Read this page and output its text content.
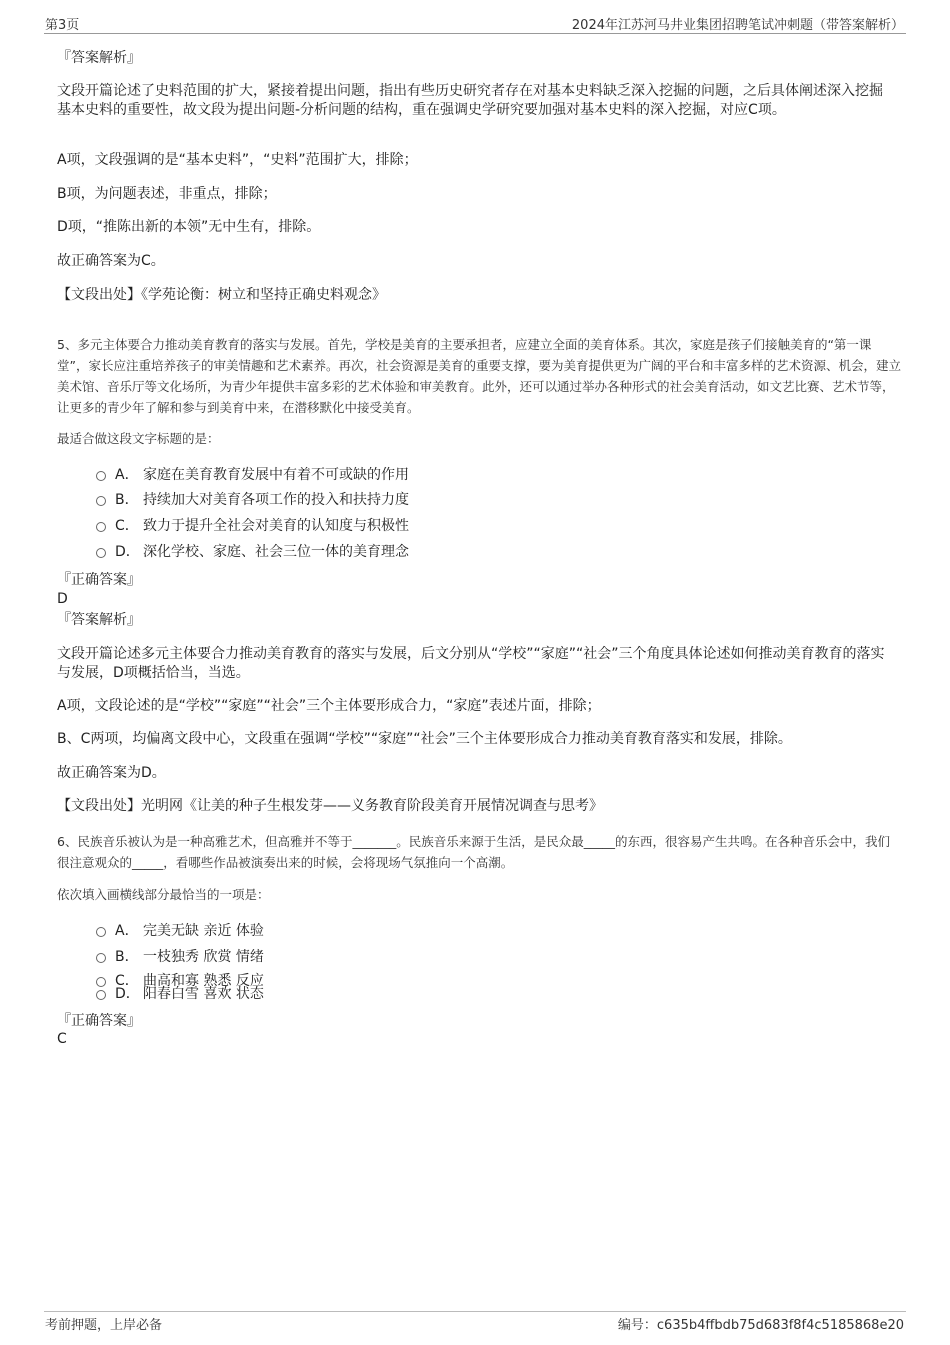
第3页	2024年江苏河马井业集团招聘笔试冲刺题（带答案解析）
『答案解析』
文段开篇论述了史料范围的扩大，紧接着提出问题，指出有些历史研究者存在对基本史料缺乏深入挖掘的问题，之后具体阐述深入挖掘基本史料的重要性，故文段为提出问题-分析问题的结构，重在强调史学研究要加强对基本史料的深入挖掘，对应C项。
A项，文段强调的是“基本史料”，“史料”范围扩大，排除；
B项，为问题表述，非重点，排除；
D项，“推陈出新的本领”无中生有，排除。
故正确答案为C。
【文段出处】《学苑论衡：树立和坚持正确史料观念》
5、多元主体要合力推动美育教育的落实与发展。首先，学校是美育的主要承担者，应建立全面的美育体系。其次，家庭是孩子们接触美育的“第一课堂”，家长应注重培养孩子的审美情趣和艺术素养。再次，社会资源是美育的重要支撑，要为美育提供更为广阔的平台和丰富多样的艺术资源、机会，建立美术馆、音乐厅等文化场所，为青少年提供丰富多彩的艺术体验和审美教育。此外，还可以通过举办各种形式的社会美育活动，如文艺比赛、艺术节等，让更多的青少年了解和参与到美育中来，在潜移默化中接受美育。
最适合做这段文字标题的是：
A． 家庭在美育教育发展中有着不可或缺的作用
B． 持续加大对美育各项工作的投入和扶持力度
C． 致力于提升全社会对美育的认知度与积极性
D． 深化学校、家庭、社会三位一体的美育理念
『正确答案』
D
『答案解析』
文段开篇论述多元主体要合力推动美育教育的落实与发展，后文分别从“学校”“家庭”“社会”三个角度具体论述如何推动美育教育的落实与发展，D项概括恰当，当选。
A项，文段论述的是“学校”“家庭”“社会”三个主体要形成合力，“家庭”表述片面，排除；
B、C两项，均偏离文段中心，文段重在强调“学校”“家庭”“社会”三个主体要形成合力推动美育教育落实和发展，排除。
故正确答案为D。
【文段出处】光明网《让美的种子生根发芽——义务教育阶段美育开展情况调查与思考》
6、民族音乐被认为是一种高雅艺术，但高雅并不等于_______。民族音乐来源于生活，是民众最_____的东西，很容易产生共鸣。在各种音乐会中，我们很注意观众的_____，看哪些作品被演奏出来的时候，会将现场气氛推向一个高潮。
依次填入画横线部分最恰当的一项是：
A． 完美无缺 亲近 体验
B． 一枝独秀 欣赏 情绪
C． 曲高和寡 熟悉 反应
D． 阳春白雪 喜欢 状态
『正确答案』
C
考前押题，上岸必备	编号：c635b4ffbdb75d683f8f4c5185868e20
